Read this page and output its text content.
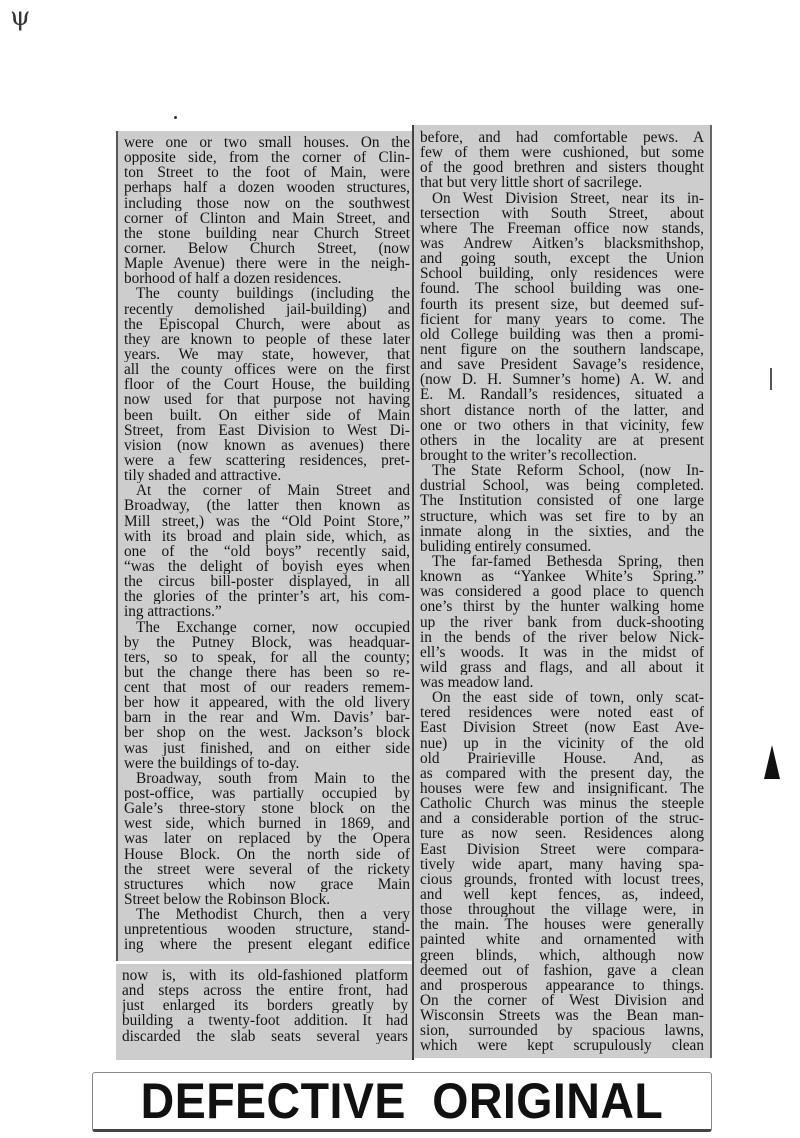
ψ
were one or two small houses. On the
opposite side, from the corner of Clin-
ton Street to the foot of Main, were
perhaps half a dozen wooden structures,
including those now on the southwest
corner of Clinton and Main Street, and
the stone building near Church Street
corner. Below Church Street, (now
Maple Avenue) there were in the neigh-
borhood of half a dozen residences.
The county buildings (including the
recently demolished jail-building) and
the Episcopal Church, were about as
they are known to people of these later
years. We may state, however, that
all the county offices were on the first
floor of the Court House, the building
now used for that purpose not having
been built. On either side of Main
Street, from East Division to West Di-
vision (now known as avenues) there
were a few scattering residences, pret-
tily shaded and attractive.
At the corner of Main Street and
Broadway, (the latter then known as
Mill street,) was the “Old Point Store,”
with its broad and plain side, which, as
one of the “old boys” recently said,
“was the delight of boyish eyes when
the circus bill-poster displayed, in all
the glories of the printer’s art, his com-
ing attractions.”
The Exchange corner, now occupied
by the Putney Block, was headquar-
ters, so to speak, for all the county;
but the change there has been so re-
cent that most of our readers remem-
ber how it appeared, with the old livery
barn in the rear and Wm. Davis’ bar-
ber shop on the west. Jackson’s block
was just finished, and on either side
were the buildings of to-day.
Broadway, south from Main to the
post-office, was partially occupied by
Gale’s three-story stone block on the
west side, which burned in 1869, and
was later on replaced by the Opera
House Block. On the north side of
the street were several of the rickety
structures which now grace Main
Street below the Robinson Block.
The Methodist Church, then a very
unpretentious wooden structure, stand-
ing where the present elegant edifice
now is, with its old-fashioned platform
and steps across the entire front, had
just enlarged its borders greatly by
building a twenty-foot addition. It had
discarded the slab seats several years
before, and had comfortable pews. A
few of them were cushioned, but some
of the good brethren and sisters thought
that but very little short of sacrilege.
On West Division Street, near its in-
tersection with South Street, about
where The Freeman office now stands,
was Andrew Aitken’s blacksmithshop,
and going south, except the Union
School building, only residences were
found. The school building was one-
fourth its present size, but deemed suf-
ficient for many years to come. The
old College building was then a promi-
nent figure on the southern landscape,
and save President Savage’s residence,
(now D. H. Sumner’s home) A. W. and
E. M. Randall’s residences, situated a
short distance north of the latter, and
one or two others in that vicinity, few
others in the locality are at present
brought to the writer’s recollection.
The State Reform School, (now In-
dustrial School, was being completed.
The Institution consisted of one large
structure, which was set fire to by an
inmate along in the sixties, and the
buliding entirely consumed.
The far-famed Bethesda Spring, then
known as “Yankee White’s Spring.”
was considered a good place to quench
one’s thirst by the hunter walking home
up the river bank from duck-shooting
in the bends of the river below Nick-
ell’s woods. It was in the midst of
wild grass and flags, and all about it
was meadow land.
On the east side of town, only scat-
tered residences were noted east of
East Division Street (now East Ave-
nue) up in the vicinity of the old
old Prairieville House. And, as
as compared with the present day, the
houses were few and insignificant. The
Catholic Church was minus the steeple
and a considerable portion of the struc-
ture as now seen. Residences along
East Division Street were compara-
tively wide apart, many having spa-
cious grounds, fronted with locust trees,
and well kept fences, as, indeed,
those throughout the village were, in
the main. The houses were generally
painted white and ornamented with
green blinds, which, although now
deemed out of fashion, gave a clean
and prosperous appearance to things.
On the corner of West Division and
Wisconsin Streets was the Bean man-
sion, surrounded by spacious lawns,
which were kept scrupulously clean
DEFECTIVE ORIGINAL
